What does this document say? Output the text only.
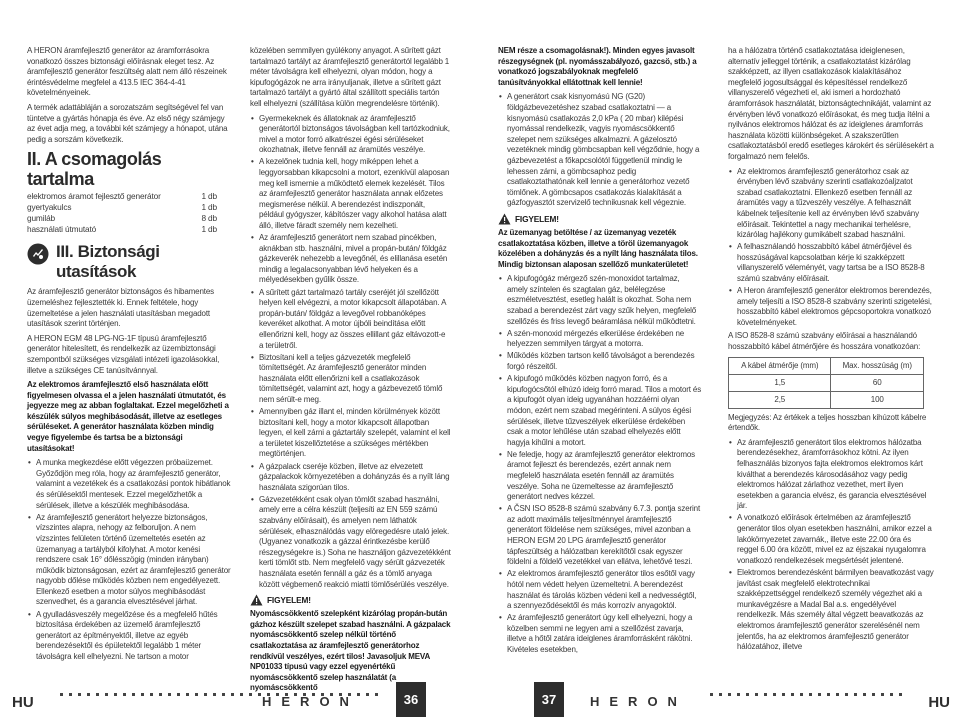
A HERON áramfejlesztő generátor az áramforrásokra vonatkozó összes biztonsági előírásnak eleget tesz. Az áramfejlesztő generátor feszültség alatt nem álló részeinek érintésvédelme megfelel a 413.5 IEC 364-4-41 követelményeinek.

A termék adattábláján a sorozatszám segítségével fel van tüntetve a gyártás hónapja és éve. Az első négy számjegy az évet adja meg, a további két számjegy a hónapot, utána pedig a sorszám következik.

II. A csomagolás tartalma
elektromos áramot fejlesztő generátor	1 db
gyertyakulcs	1 db
gumiláb	8 db
használati útmutató	1 db
III. Biztonsági
utasítások

Az áramfejlesztő generátor biztonságos és hibamentes üzemeléshez fejlesztették ki. Ennek feltétele, hogy üzemeltetése a jelen használati utasításban megadott utasítások szerint történjen.

A HERON EGM 48 LPG-NG-1F típusú áramfejlesztő generátor hitelesített, és rendelkezik az üzembiztonsági szempontból szükséges vizsgálati intézeti igazolásokkal, illetve a szükséges CE tanúsítvánnyal.

Az elektromos áramfejlesztő első használata előtt figyelmesen olvassa el a jelen használati útmutatót, és jegyezze meg az abban foglaltakat. Ezzel megelőzheti a készülék súlyos meghibásodását, illetve az esetleges sérüléseket. A generátor használata közben mindig vegye figyelembe és tartsa be a biztonsági utasításokat!

• A munka megkezdése előtt végezzen próbaüzemet. Győződjön meg róla, hogy az áramfejlesztő generátor, valamint a vezetékek és a csatlakozási pontok hibátlanok és sérülésektől mentesek. Ezzel megelőzhetők a sérülések, illetve a készülék meghibásodása.
• Az áramfejlesztő generátort helyezze biztonságos, vízszintes alapra, nehogy az felboruljon. A nem vízszintes felületen történő üzemeltetés esetén az üzemanyag a tartályból kifolyhat. A motor kenési rendszere csak 16° dőlésszögig (minden irányban) működik biztonságosan, ezért az áramfejlesztő generátor nagyobb dőlése működés közben nem engedélyezett. Ellenkező esetben a motor súlyos meghibásodást szenvedhet, és a garancia elvesztésével járhat.
• A gyulladásveszély megelőzése és a megfelelő hűtés biztosítása érdekében az üzemelő áramfejlesztő generátort az építményektől, illetve az egyéb berendezésektől és épületektől legalább 1 méter távolságra kell elhelyezni. Ne tartson a motor

közelében semmilyen gyúlékony anyagot. A sűrített gázt tartalmazó tartályt az áramfejlesztő generátortól legalább 1 méter távolságra kell elhelyezni, olyan módon, hogy a kipufogógázok ne arra irányuljanak, illetve a sűrített gázt tartalmazó tartályt a gyártó által szállított speciális tartón kell elhelyezni (szállítása külön megrendelésre történik).

• Gyermekeknek és állatoknak az áramfejlesztő generátortól biztonságos távolságban kell tartózkodniuk, mivel a motor forró alkatrészei égési sérüléseket okozhatnak, illetve fennáll az áramütés veszélye.
• A kezelőnek tudnia kell, hogy miképpen lehet a leggyorsabban kikapcsolni a motort, ezenkívül alaposan meg kell ismernie a működtető elemek kezelését. Tilos az áramfejlesztő generátor használata annak előzetes megismerése nélkül. A berendezést indiszponált, például gyógyszer, kábítószer vagy alkohol hatása alatt álló, illetve fáradt személy nem kezelheti.
• Az áramfejlesztő generátort nem szabad pincékben, aknákban stb. használni, mivel a propán-bután/ földgáz gázkeverék nehezebb a levegőnél, és elillanása esetén mindig a legalacsonyabban lévő helyeken és a mélyedésekben gyűlik össze.
• A sűrített gázt tartalmazó tartály cseréjét jól szellőzött helyen kell elvégezni, a motor kikapcsolt állapotában. A propán-bután/ földgáz a levegővel robbanóképes keveréket alkothat. A motor újbóli beindítása előtt ellenőrizni kell, hogy az összes ellillant gáz eltávozott-e a területről.
• Biztosítani kell a teljes gázvezeték megfelelő tömítettségét. Az áramfejlesztő generátor minden használata előtt ellenőrizni kell a csatlakozások tömítettségét, valamint azt, hogy a gázbevezető tömlő nem sérült-e meg.
• Amennyiben gáz illant el, minden körülmények között biztosítani kell, hogy a motor kikapcsolt állapotban legyen, el kell zárni a gáztartály szelepét, valamint el kell a területet kiszellőztetése a szükséges mértékben megtörténjen.
• A gázpalack cseréje közben, illetve az elvezetett gázpalackok környezetében a dohányzás és a nyílt láng használata szigorúan tilos.
• Gázvezetékként csak olyan tömlőt szabad használni, amely erre a célra készült (teljesíti az EN 559 számú szabvány előírásait), és amelyen nem láthatók sérülések, elhasználódás vagy elöregedésre utaló jelek. (Ugyanez vonatkozik a gázzal érintkezésbe kerülő részegységekre is.) Soha ne használjon gázvezetékként kerti tömlőt stb. Nem megfelelő vagy sérült gázvezeték használata esetén fennáll a gáz és a tömlő anyaga között végbemenő reakció miatti tömlősérülés veszélye.
FIGYELEM!

Nyomáscsökkentő szelepként kizárólag propán-bután gázhoz készült szelepet szabad használni. A gázpalack nyomáscsökkentő szelep nélkül történő csatlakoztatása az áramfejlesztő generátorhoz rendkívül veszélyes, ezért tilos! Javasoljuk MEVA NP01033 típusú vagy ezzel egyenértékű nyomáscsökkentő szelep használatát (a nyomáscsökkentő

NEM része a csomagolásnak!). Minden egyes javasolt részegységnek (pl. nyomásszabályozó, gazcsö, stb.) a vonatkozó jogszabályoknak megfelelő tanúsítványokkal ellátottnak kell lennie!

• A generátort csak kisnyomású NG (G20) földgázbevezetéshez szabad csatlakoztatni — a kisnyomású csatlakozás 2,0 kPa ( 20 mbar) kilépési nyomással rendelkezik, vagyis nyomáscsökkentő szelepet nem szükséges alkalmazni. A gázelosztó vezetéknek mindig gömbcsapban kell végződnie, hogy a gázbevezetést a főkapcsolótól függetlenül mindig le lehessen zárni, a gömbcsaphoz pedig csatlakoztathatónak kell lennie a generátorhoz vezető tömlőnek. A gömbcsapos csatlakozás kialakítását a gázfogyasztót szervizelő technikusnak kell végeznie.
FIGYELEM!

Az üzemanyag betöltése / az üzemanyag vezeték csatlakoztatása közben, illetve a töröl üzemanyagok közelében a dohányzás és a nyílt láng használata tilos. Mindig biztonsan alaposan szellőző munkaterületet!

• A kipufogógáz mérgező szén-monoxidot tartalmaz, amely színtelen és szagtalan gáz, belélegzése eszméletvesztést, esetleg halált is okozhat. Soha nem szabad a berendezést zárt vagy szűk helyen, megfelelő szellőzés és friss levegő beáramlása nélkül működtetni.
• A szén-monoxid mérgezés elkerülése érdekében ne helyezzen semmilyen tárgyat a motorra.
• Működés közben tartson kellő távolságot a berendezés forgó részeitől.
• A kipufogó működés közben nagyon forró, és a kipufogócsőtól elhúzó ideig forró marad. Tilos a motort és a kipufogót olyan ideig ugyanáhan hozzáérni olyan módon, ezért nem szabad megérinteni. A súlyos égési sérülések, illetve tűzveszélyek elkerülése érdekében csak a motor lehűlése után szabad elhelyezés előtt hagyja kihűlni a motort.
• Ne feledje, hogy az áramfejlesztő generátor elektromos áramot fejleszt és berendezés, ezért annak nem megfelelő használata esetén fennáll az áramütés veszélye. Soha ne üzemeltesse az áramfejlesztő generátort nedves kézzel.
• A ČSN ISO 8528-8 számú szabvány 6.7.3. pontja szerint az adott maximális teljesítménnyel áramfejlesztő generátort földelése nem szükséges, mivel azonban a HERON EGM 20 LPG áramfejlesztő generátor tápfeszültség a hálózatban kerekítőtől csak egyszer földelni a földelő vezetékkel van ellátva, lehetővé teszi.
• Az elektromos áramfejlesztő generátor tilos esőtől vagy hótól nem védett helyen üzemeltetni. A berendezést használat és tárolás közben védeni kell a nedvességtől, a szennyeződésektől és más korrozív anyagoktól.
• Az áramfejlesztő generátort úgy kell elhelyezni, hogy a közelben semmi ne legyen ami a szellőzést zavarja, illetve a hőtől zatára ideiglenes áramforrásként rákötni. Kivételes esetekben,

ha a hálózatra történő csatlakoztatása ideiglenesen, alternatív jelleggel történik, a csatlakoztatást kizárólag szakképzett, az illyen csatlakozások kialakításához megfelelő jogosultsággal és képesítéssel rendelkező villanyszerelő végezheti el, aki ismeri a hordozható áramforrások használatát, biztonságtechnikáját, valamint az érvényben lévő vonatkozó előírásokat, és meg tudja ítélni a nyilvános elektromos hálózat és az ideiglenes áramforrás használata közötti különbségeket. A szakszerűtlen csatlakoztatásból eredő esetleges károkért és sérülésekért a forgalmazó nem felelős.

• Az elektromos áramfejlesztő generátorhoz csak az érvényben lévő szabvány szerinti csatlakozóaljzatot szabad csatlakoztatni. Ellenkező esetben fennáll az áramütés vagy a tűzveszély veszélye. A felhasznált kábelnek teljesítenie kell az érvényben lévő szabvány előírásait. Tekintettel a nagy mechanikai terhelésre, kizárólag hajlékony gumikábelt szabad használni.
• A felhasználandó hosszabbító kábel átmérőjével és hosszúságával kapcsolatban kérje ki szakképzett villanyszerelő véleményét, vagy tartsa be a ISO 8528-8 számú szabvány előírásait.
• A Heron áramfejlesztő generátor elektromos berendezés, amely teljesíti a ISO 8528-8 szabvány szerinti szigetelési, hosszabbító kábel elektromos gépcsoportokra vonatkozó követelményeket.

A ISO 8528-8 számú szabvány előírásai a használandó hosszabbító kábel átmérőjére és hosszára vonatkozóan:

A kábel átmérője (mm)	Max. hosszúság (m)
1,5	60
2,5	100

Megjegyzés: Az értékek a teljes hosszban kihúzott kábelre értendők.

• Az áramfejlesztő generátort tilos elektromos hálózatba berendezésekhez, áramforrásokhoz kötni. Az ilyen felhasználás bizonyos fajta elektromos elektromos kárt kiválthat a berendezés károsodásához vagy pedig elektromos hálózat zárlathoz vezethet, mert ilyen esetekben a garancia elvész, és garancia elvesztésével jár.
• A vonatkozó előírások értelmében az áramfejlesztő generátor tilos olyan esetekben használni, amikor ezzel a lakókörnyezetet zavarnák,, illetve este 22.00 óra és reggel 6.00 óra között, mivel ez az éjszakai nyugalomra vonatkozó rendelkezések megsértését jelentené.
• Elektromos berendezésként bármilyen beavatkozást vagy javítást csak megfelelő elektrotechnikai szakképzettséggel rendelkező személy végezhet aki a munkavégzésre a Madal Bal a.s. engedélyével rendelkezik. Más személy által végzett beavatkozás az elektromos áramfejlesztő generátor szerelésénél nem jelentős, ha az elektromos áramfejlesztő generátor hálózatához, illetve
HU	HERON	36	37	HERON	HU
